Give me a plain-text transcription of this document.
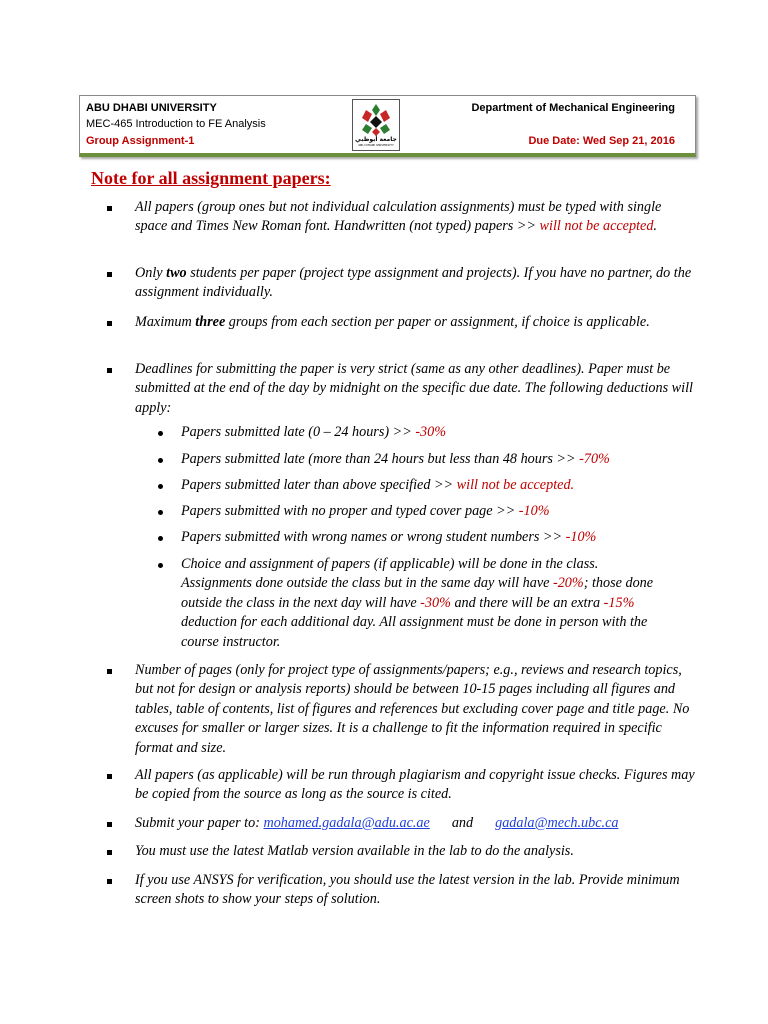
ABU DHABI UNIVERSITY
MEC-465 Introduction to FE Analysis
Group Assignment-1	جامعة أبوظبي
ABU DHABI UNIVERSITY
Department of Mechanical Engineering
Due Date: Wed Sep 21, 2016
Note for all assignment papers:
All papers (group ones but not individual calculation assignments) must be typed with single space and Times New Roman font. Handwritten (not typed) papers >> will not be accepted.
Only two students per paper (project type assignment and projects). If you have no partner, do the assignment individually.
Maximum three groups from each section per paper or assignment, if choice is applicable.
Deadlines for submitting the paper is very strict (same as any other deadlines). Paper must be submitted at the end of the day by midnight on the specific due date. The following deductions will apply:
Papers submitted late (0 – 24 hours) >> -30%
Papers submitted late (more than 24 hours but less than 48 hours >> -70%
Papers submitted later than above specified >> will not be accepted.
Papers submitted with no proper and typed cover page >> -10%
Papers submitted with wrong names or wrong student numbers >> -10%
Choice and assignment of papers (if applicable) will be done in the class. Assignments done outside the class but in the same day will have -20%; those done outside the class in the next day will have -30% and there will be an extra -15% deduction for each additional day. All assignment must be done in person with the course instructor.
Number of pages (only for project type of assignments/papers; e.g., reviews and research topics, but not for design or analysis reports) should be between 10-15 pages including all figures and tables, table of contents, list of figures and references but excluding cover page and title page. No excuses for smaller or larger sizes. It is a challenge to fit the information required in specific format and size.
All papers (as applicable) will be run through plagiarism and copyright issue checks. Figures may be copied from the source as long as the source is cited.
Submit your paper to: mohamed.gadala@adu.ac.ae and gadala@mech.ubc.ca
You must use the latest Matlab version available in the lab to do the analysis.
If you use ANSYS for verification, you should use the latest version in the lab. Provide minimum screen shots to show your steps of solution.
